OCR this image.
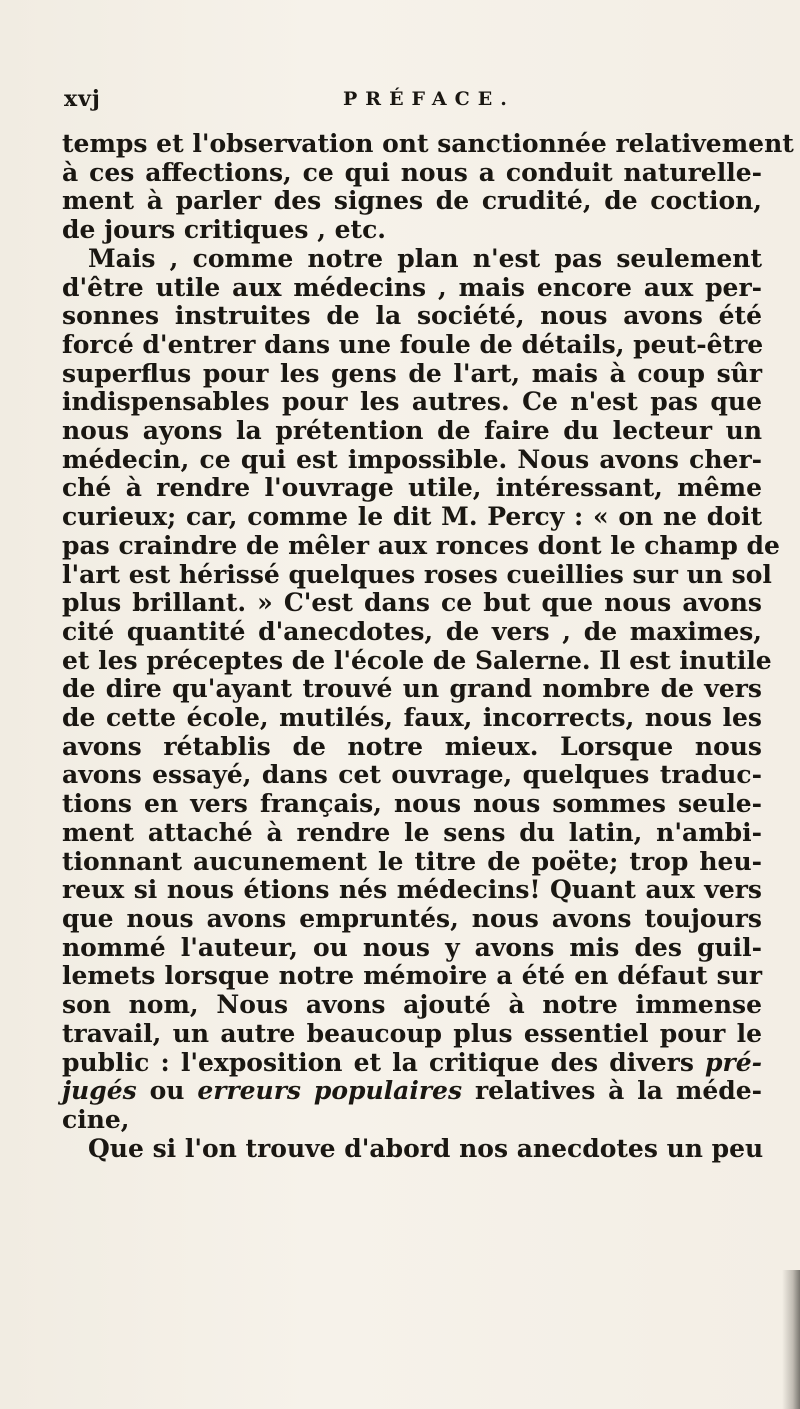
xvj	PRÉFACE.
temps et l'observation ont sanctionnée relativement
à ces affections, ce qui nous a conduit naturelle-
ment à parler des signes de crudité, de coction,
de jours critiques , etc.
Mais , comme notre plan n'est pas seulement
d'être utile aux médecins , mais encore aux per-
sonnes instruites de la société, nous avons été
forcé d'entrer dans une foule de détails, peut-être
superflus pour les gens de l'art, mais à coup sûr
indispensables pour les autres. Ce n'est pas que
nous ayons la prétention de faire du lecteur un
médecin, ce qui est impossible. Nous avons cher-
ché à rendre l'ouvrage utile, intéressant, même
curieux; car, comme le dit M. Percy : « on ne doit
pas craindre de mêler aux ronces dont le champ de
l'art est hérissé quelques roses cueillies sur un sol
plus brillant. » C'est dans ce but que nous avons
cité quantité d'anecdotes, de vers , de maximes,
et les préceptes de l'école de Salerne. Il est inutile
de dire qu'ayant trouvé un grand nombre de vers
de cette école, mutilés, faux, incorrects, nous les
avons rétablis de notre mieux. Lorsque nous
avons essayé, dans cet ouvrage, quelques traduc-
tions en vers français, nous nous sommes seule-
ment attaché à rendre le sens du latin, n'ambi-
tionnant aucunement le titre de poëte; trop heu-
reux si nous étions nés médecins! Quant aux vers
que nous avons empruntés, nous avons toujours
nommé l'auteur, ou nous y avons mis des guil-
lemets lorsque notre mémoire a été en défaut sur
son nom, Nous avons ajouté à notre immense
travail, un autre beaucoup plus essentiel pour le
public : l'exposition et la critique des divers pré-
jugés ou erreurs populaires relatives à la méde-
cine,
Que si l'on trouve d'abord nos anecdotes un peu
